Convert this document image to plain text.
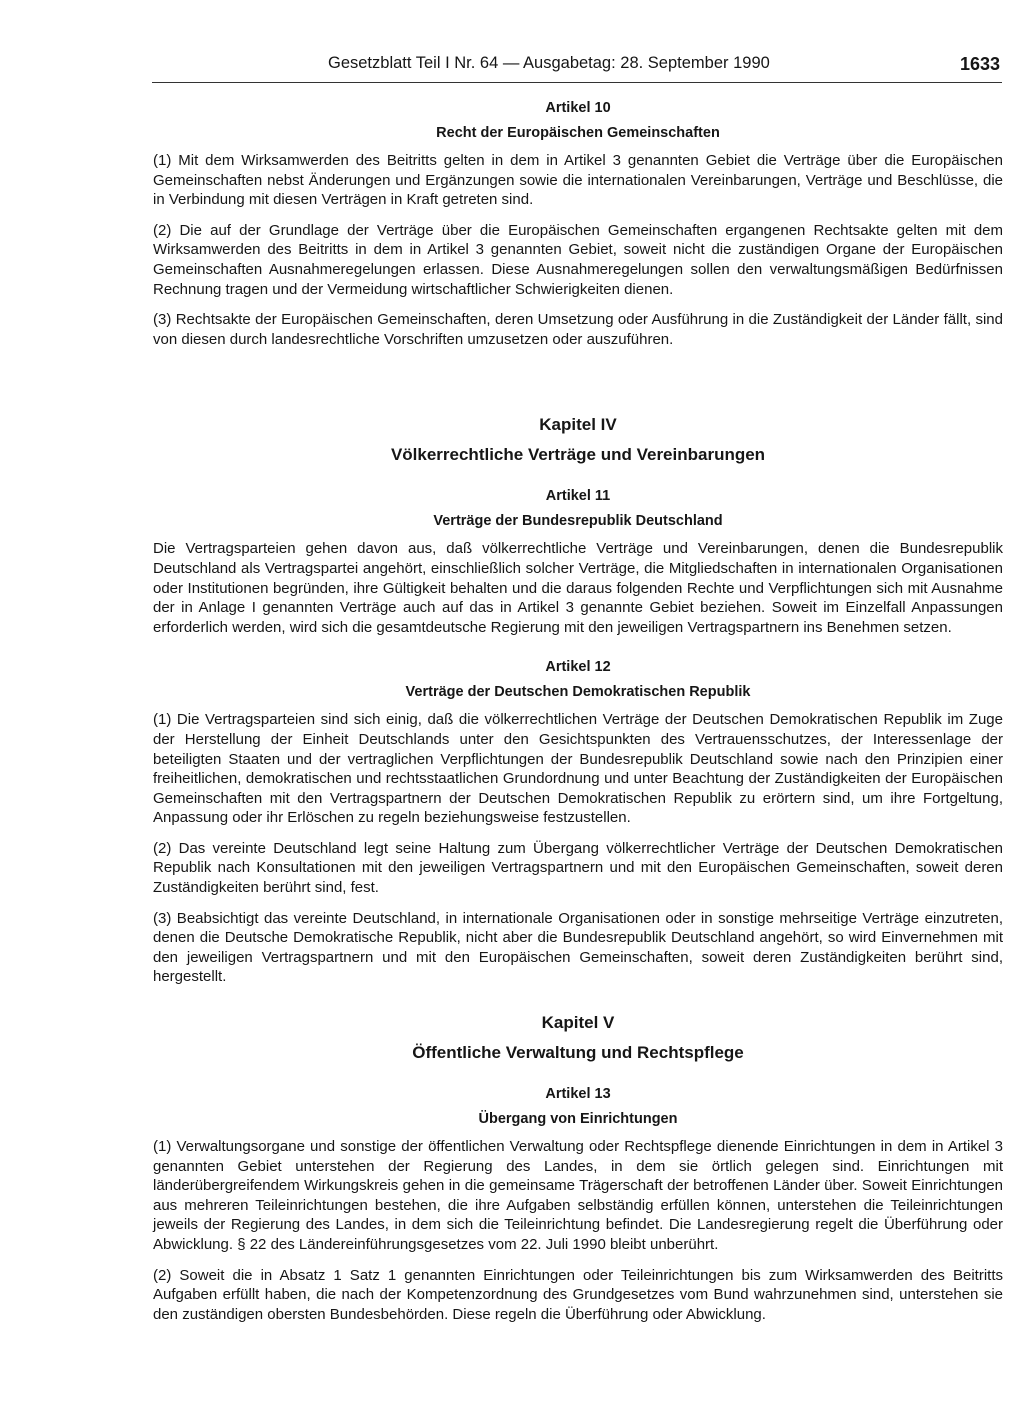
Gesetzblatt Teil I Nr. 64 — Ausgabetag: 28. September 1990	1633
Artikel 10
Recht der Europäischen Gemeinschaften

(1) Mit dem Wirksamwerden des Beitritts gelten in dem in Artikel 3 genannten Gebiet die Verträge über die Europäischen Gemeinschaften nebst Änderungen und Ergänzungen sowie die internationalen Vereinbarungen, Verträge und Beschlüsse, die in Verbindung mit diesen Verträgen in Kraft getreten sind.

(2) Die auf der Grundlage der Verträge über die Europäischen Gemeinschaften ergangenen Rechtsakte gelten mit dem Wirksamwerden des Beitritts in dem in Artikel 3 genannten Gebiet, soweit nicht die zuständigen Organe der Europäischen Gemeinschaften Ausnahmeregelungen erlassen. Diese Ausnahmeregelungen sollen den verwaltungsmäßigen Bedürfnissen Rechnung tragen und der Vermeidung wirtschaftlicher Schwierigkeiten dienen.

(3) Rechtsakte der Europäischen Gemeinschaften, deren Umsetzung oder Ausführung in die Zuständigkeit der Länder fällt, sind von diesen durch landesrechtliche Vorschriften umzusetzen oder auszuführen.

Kapitel IV
Völkerrechtliche Verträge und Vereinbarungen
Artikel 11
Verträge der Bundesrepublik Deutschland

Die Vertragsparteien gehen davon aus, daß völkerrechtliche Verträge und Vereinbarungen, denen die Bundesrepublik Deutschland als Vertragspartei angehört, einschließlich solcher Verträge, die Mitgliedschaften in internationalen Organisationen oder Institutionen begründen, ihre Gültigkeit behalten und die daraus folgenden Rechte und Verpflichtungen sich mit Ausnahme der in Anlage I genannten Verträge auch auf das in Artikel 3 genannte Gebiet beziehen. Soweit im Einzelfall Anpassungen erforderlich werden, wird sich die gesamtdeutsche Regierung mit den jeweiligen Vertragspartnern ins Benehmen setzen.

Artikel 12
Verträge der Deutschen Demokratischen Republik

(1) Die Vertragsparteien sind sich einig, daß die völkerrechtlichen Verträge der Deutschen Demokratischen Republik im Zuge der Herstellung der Einheit Deutschlands unter den Gesichtspunkten des Vertrauensschutzes, der Interessenlage der beteiligten Staaten und der vertraglichen Verpflichtungen der Bundesrepublik Deutschland sowie nach den Prinzipien einer freiheitlichen, demokratischen und rechtsstaatlichen Grundordnung und unter Beachtung der Zuständigkeiten der Europäischen Gemeinschaften mit den Vertragspartnern der Deutschen Demokratischen Republik zu erörtern sind, um ihre Fortgeltung, Anpassung oder ihr Erlöschen zu regeln beziehungsweise festzustellen.

(2) Das vereinte Deutschland legt seine Haltung zum Übergang völkerrechtlicher Verträge der Deutschen Demokratischen Republik nach Konsultationen mit den jeweiligen Vertragspartnern und mit den Europäischen Gemeinschaften, soweit deren Zuständigkeiten berührt sind, fest.

(3) Beabsichtigt das vereinte Deutschland, in internationale Organisationen oder in sonstige mehrseitige Verträge einzutreten, denen die Deutsche Demokratische Republik, nicht aber die Bundesrepublik Deutschland angehört, so wird Einvernehmen mit den jeweiligen Vertragspartnern und mit den Europäischen Gemeinschaften, soweit deren Zuständigkeiten berührt sind, hergestellt.

Kapitel V
Öffentliche Verwaltung und Rechtspflege
Artikel 13
Übergang von Einrichtungen

(1) Verwaltungsorgane und sonstige der öffentlichen Verwaltung oder Rechtspflege dienende Einrichtungen in dem in Artikel 3 genannten Gebiet unterstehen der Regierung des Landes, in dem sie örtlich gelegen sind. Einrichtungen mit länderübergreifendem Wirkungskreis gehen in die gemeinsame Trägerschaft der betroffenen Länder über. Soweit Einrichtungen aus mehreren Teileinrichtungen bestehen, die ihre Aufgaben selbständig erfüllen können, unterstehen die Teileinrichtungen jeweils der Regierung des Landes, in dem sich die Teileinrichtung befindet. Die Landesregierung regelt die Überführung oder Abwicklung. § 22 des Ländereinführungsgesetzes vom 22. Juli 1990 bleibt unberührt.

(2) Soweit die in Absatz 1 Satz 1 genannten Einrichtungen oder Teileinrichtungen bis zum Wirksamwerden des Beitritts Aufgaben erfüllt haben, die nach der Kompetenzordnung des Grundgesetzes vom Bund wahrzunehmen sind, unterstehen sie den zuständigen obersten Bundesbehörden. Diese regeln die Überführung oder Abwicklung.
